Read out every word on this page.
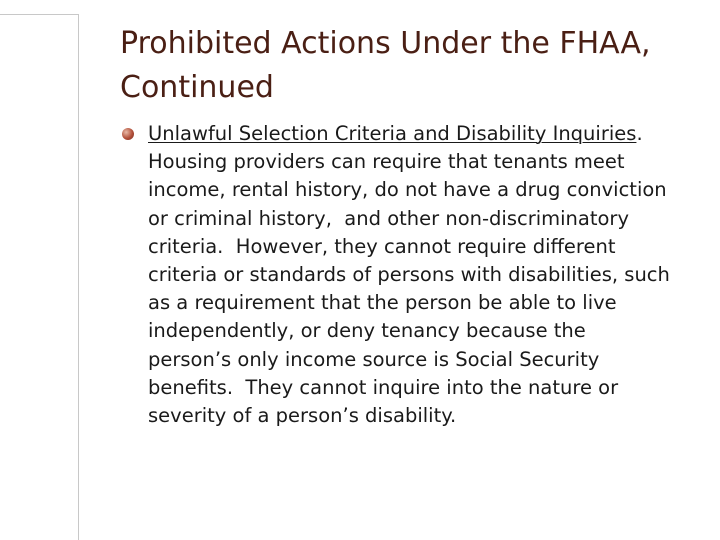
Prohibited Actions Under the FHAA, Continued
Unlawful Selection Criteria and Disability Inquiries.  Housing providers can require that tenants meet income, rental history, do not have a drug conviction or criminal history,  and other non-discriminatory criteria.  However, they cannot require different criteria or standards of persons with disabilities, such as a requirement that the person be able to live independently, or deny tenancy because the person’s only income source is Social Security benefits.  They cannot inquire into the nature or severity of a person’s disability.
